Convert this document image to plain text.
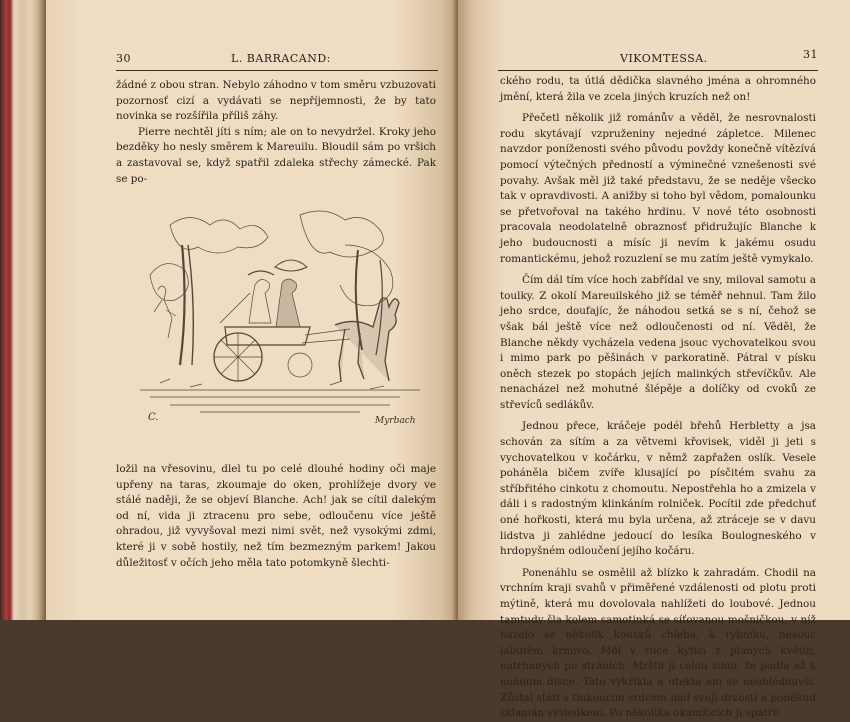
30	L. BARRACAND:

žádné z obou stran. Nebylo záhodno v tom směru vzbuzovati pozornosť cizí a vydávati se nepříjemnosti, že by tato novinka se rozšířila příliš záhy.

Pierre nechtěl jíti s ním; ale on to nevydržel. Kroky jeho bezděky ho nesly směrem k Mareuilu. Bloudil sám po vršich a zastavoval se, když spatřil zdaleka střechy zámecké. Pak se po-

ložil na vřesovinu, dlel tu po celé dlouhé hodiny oči maje upřeny na taras, zkoumaje do oken, prohlížeje dvory ve stálé naději, že se objeví Blanche. Ach! jak se cítil dalekým od ní, vida ji ztracenu pro sebe, odloučenu více ještě ohradou, již vyvyšoval mezi nimi svět, než vysokými zdmi, které ji v sobě hostily, než tím bezmezným parkem! Jakou důležitosť v očích jeho měla tato potomkyně šlechti-

C.	Myrbach
VIKOMTESSA.	31

ckého rodu, ta útlá dědička slavného jména a ohromného jmění, která žila ve zcela jiných kruzích než on!

Přečetl několik již románův a věděl, že nesrovnalosti rodu skytávají vzpruženiny nejedné zápletce. Milenec navzdor poníženosti svého původu povždy konečně vítězívá pomocí výtečných předností a výminečné vznešenosti své povahy. Avšak měl již také představu, že se neděje všecko tak v opravdivosti. A anižby si toho byl vědom, pomalounku se přetvořoval na takého hrdinu. V nové této osobnosti pracovala neodolatelně obraznosť přidružujíc Blanche k jeho budoucnosti a mísíc ji nevím k jakému osudu romantickému, jehož rozuzlení se mu zatím ještě vymykalo.

Čím dál tím více hoch zabřídal ve sny, miloval samotu a toulky. Z okolí Mareuilského již se téměř nehnul. Tam žilo jeho srdce, doufajíc, že náhodou setká se s ní, čehož se však bál ještě více než odloučenosti od ní. Věděl, že Blanche někdy vycházela vedena jsouc vychovatelkou svou i mimo park po pěšinách v parkoratině. Pátral v písku oněch stezek po stopách jejích malinkých střevíčkův. Ale nenacházel než mohutné šlépěje a dolíčky od cvoků ze střevíců sedlákův.

Jednou přece, kráčeje podél břehů Herbletty a jsa schován za sítím a za větvemi křovisek, viděl ji jeti s vychovatelkou v kočárku, v němž zapřažen oslík. Vesele poháněla bičem zvíře klusající po písčitém svahu za stříbřitého cinkotu z chomoutu. Nepostřehla ho a zmizela v dáli i s radostným klinkáním rolniček. Pocítil zde předchuť oné hořkosti, která mu byla určena, až ztráceje se v davu lidstva ji zahlédne jedoucí do lesíka Boulogneského v hrdopyšném odloučení jejího kočáru.

Ponenáhlu se osmělil až blízko k zahradám. Chodil na vrchním kraji svahů v přiměřené vzdálenosti od plotu proti mýtině, která mu dovolovala nahlížeti do loubové. Jednou tamtudy šla kolem samotinká se síťovanou mošničkou, v níž házelo se několik kousků chleba, k rybníku, nesouc labutěm krmivo. Měl v ruce kytici z planých květin, natrhaných po stráních. Mrštil ji celou silou, že padla až k nohoum dívce. Tato vykřikla a utekla ani se neohlédnuvši. Zůstal státi s tlukoucím srdcem nad svojí drzostí a poněkud sklamán výsledkem. Po několika okamžicích ji spatřil
